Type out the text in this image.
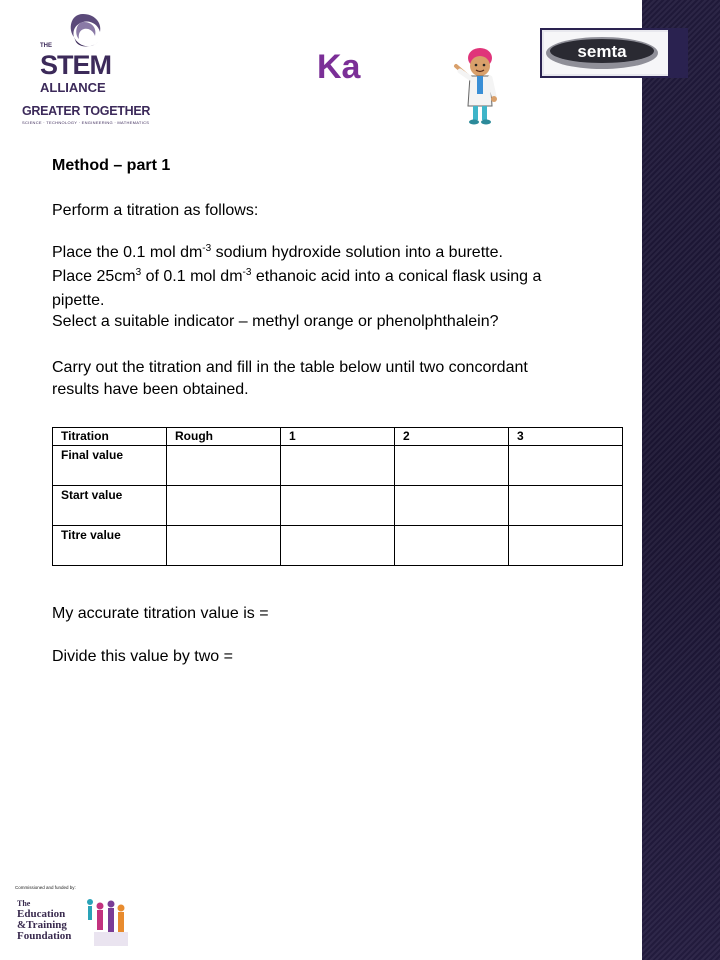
THE
STEM
ALLIANCE
GREATER TOGETHER
SCIENCE · TECHNOLOGY · ENGINEERING · MATHEMATICS
Ka	semta
Method – part 1
Perform a titration as follows:
Place the 0.1 mol $dm^{-3}$ sodium hydroxide solution into a burette.
Place $25cm^3$ of 0.1 mol $dm^{-3}$ ethanoic acid into a conical flask using a
pipette.
Select a suitable indicator – methyl orange or phenolphthalein?
Carry out the titration and fill in the table below until two concordant
results have been obtained.
Titration	Rough	1	2	3
Final value				
Start value				
Titre value				
My accurate titration value is =
Divide this value by two =
Commissioned and funded by:
The
Education
&Training
Foundation
